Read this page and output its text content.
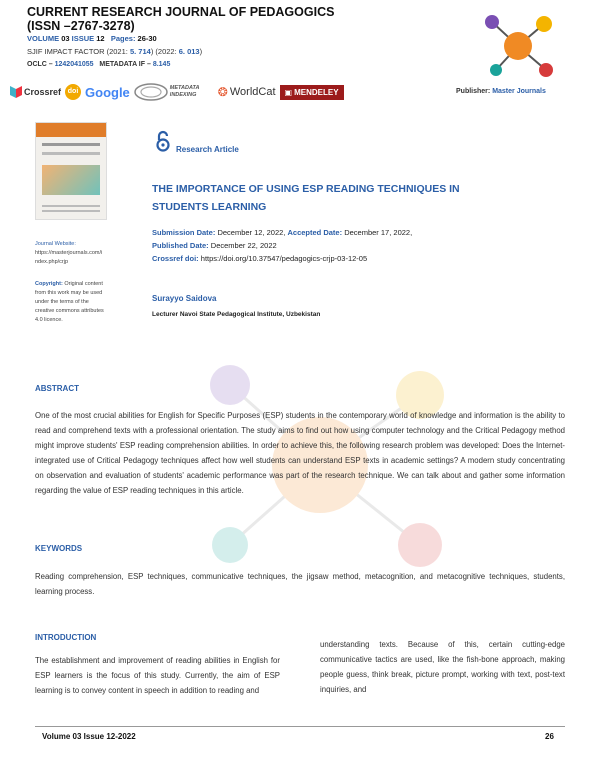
CURRENT RESEARCH JOURNAL OF PEDAGOGICS
(ISSN –2767-3278)
VOLUME 03 ISSUE 12 Pages: 26-30
SJIF IMPACT FACTOR (2021: 5. 714) (2022: 6. 013)
OCLC – 1242041055 METADATA IF – 8.145
Crossref doi Google	METADATA INDEXING	❂ WorldCat ▣ MENDELEY	Publisher: Master Journals
Journal Website:
https://masterjournals.com/index.php/crjp
Copyright: Original content from this work may be used under the terms of the creative commons attributes 4.0 licence.
Research Article
THE IMPORTANCE OF USING ESP READING TECHNIQUES IN STUDENTS LEARNING
Submission Date: December 12, 2022, Accepted Date: December 17, 2022,
Published Date: December 22, 2022
Crossref doi: https://doi.org/10.37547/pedagogics-crjp-03-12-05
Surayyo Saidova
Lecturer Navoi State Pedagogical Institute, Uzbekistan
ABSTRACT
One of the most crucial abilities for English for Specific Purposes (ESP) students in the contemporary world of knowledge and information is the ability to read and comprehend texts with a professional orientation. The study aims to find out how using computer technology and the Critical Pedagogy method might improve students' ESP reading comprehension abilities. In order to achieve this, the following research problem was developed: Does the Internet-integrated use of Critical Pedagogy techniques affect how well students can understand ESP texts in academic settings? A modern study concentrating on observation and evaluation of students' academic performance was part of the research technique. We can talk about and gather some information regarding the value of ESP reading techniques in this article.
KEYWORDS
Reading comprehension, ESP techniques, communicative techniques, the jigsaw method, metacognition, and metacognitive techniques, students, learning process.
INTRODUCTION
The establishment and improvement of reading abilities in English for ESP learners is the focus of this study. Currently, the aim of ESP learning is to convey content in speech in addition to reading and
understanding texts. Because of this, certain cutting-edge communicative tactics are used, like the fish-bone approach, making people guess, think break, picture prompt, working with text, post-text inquiries, and
Volume 03 Issue 12-2022	26
